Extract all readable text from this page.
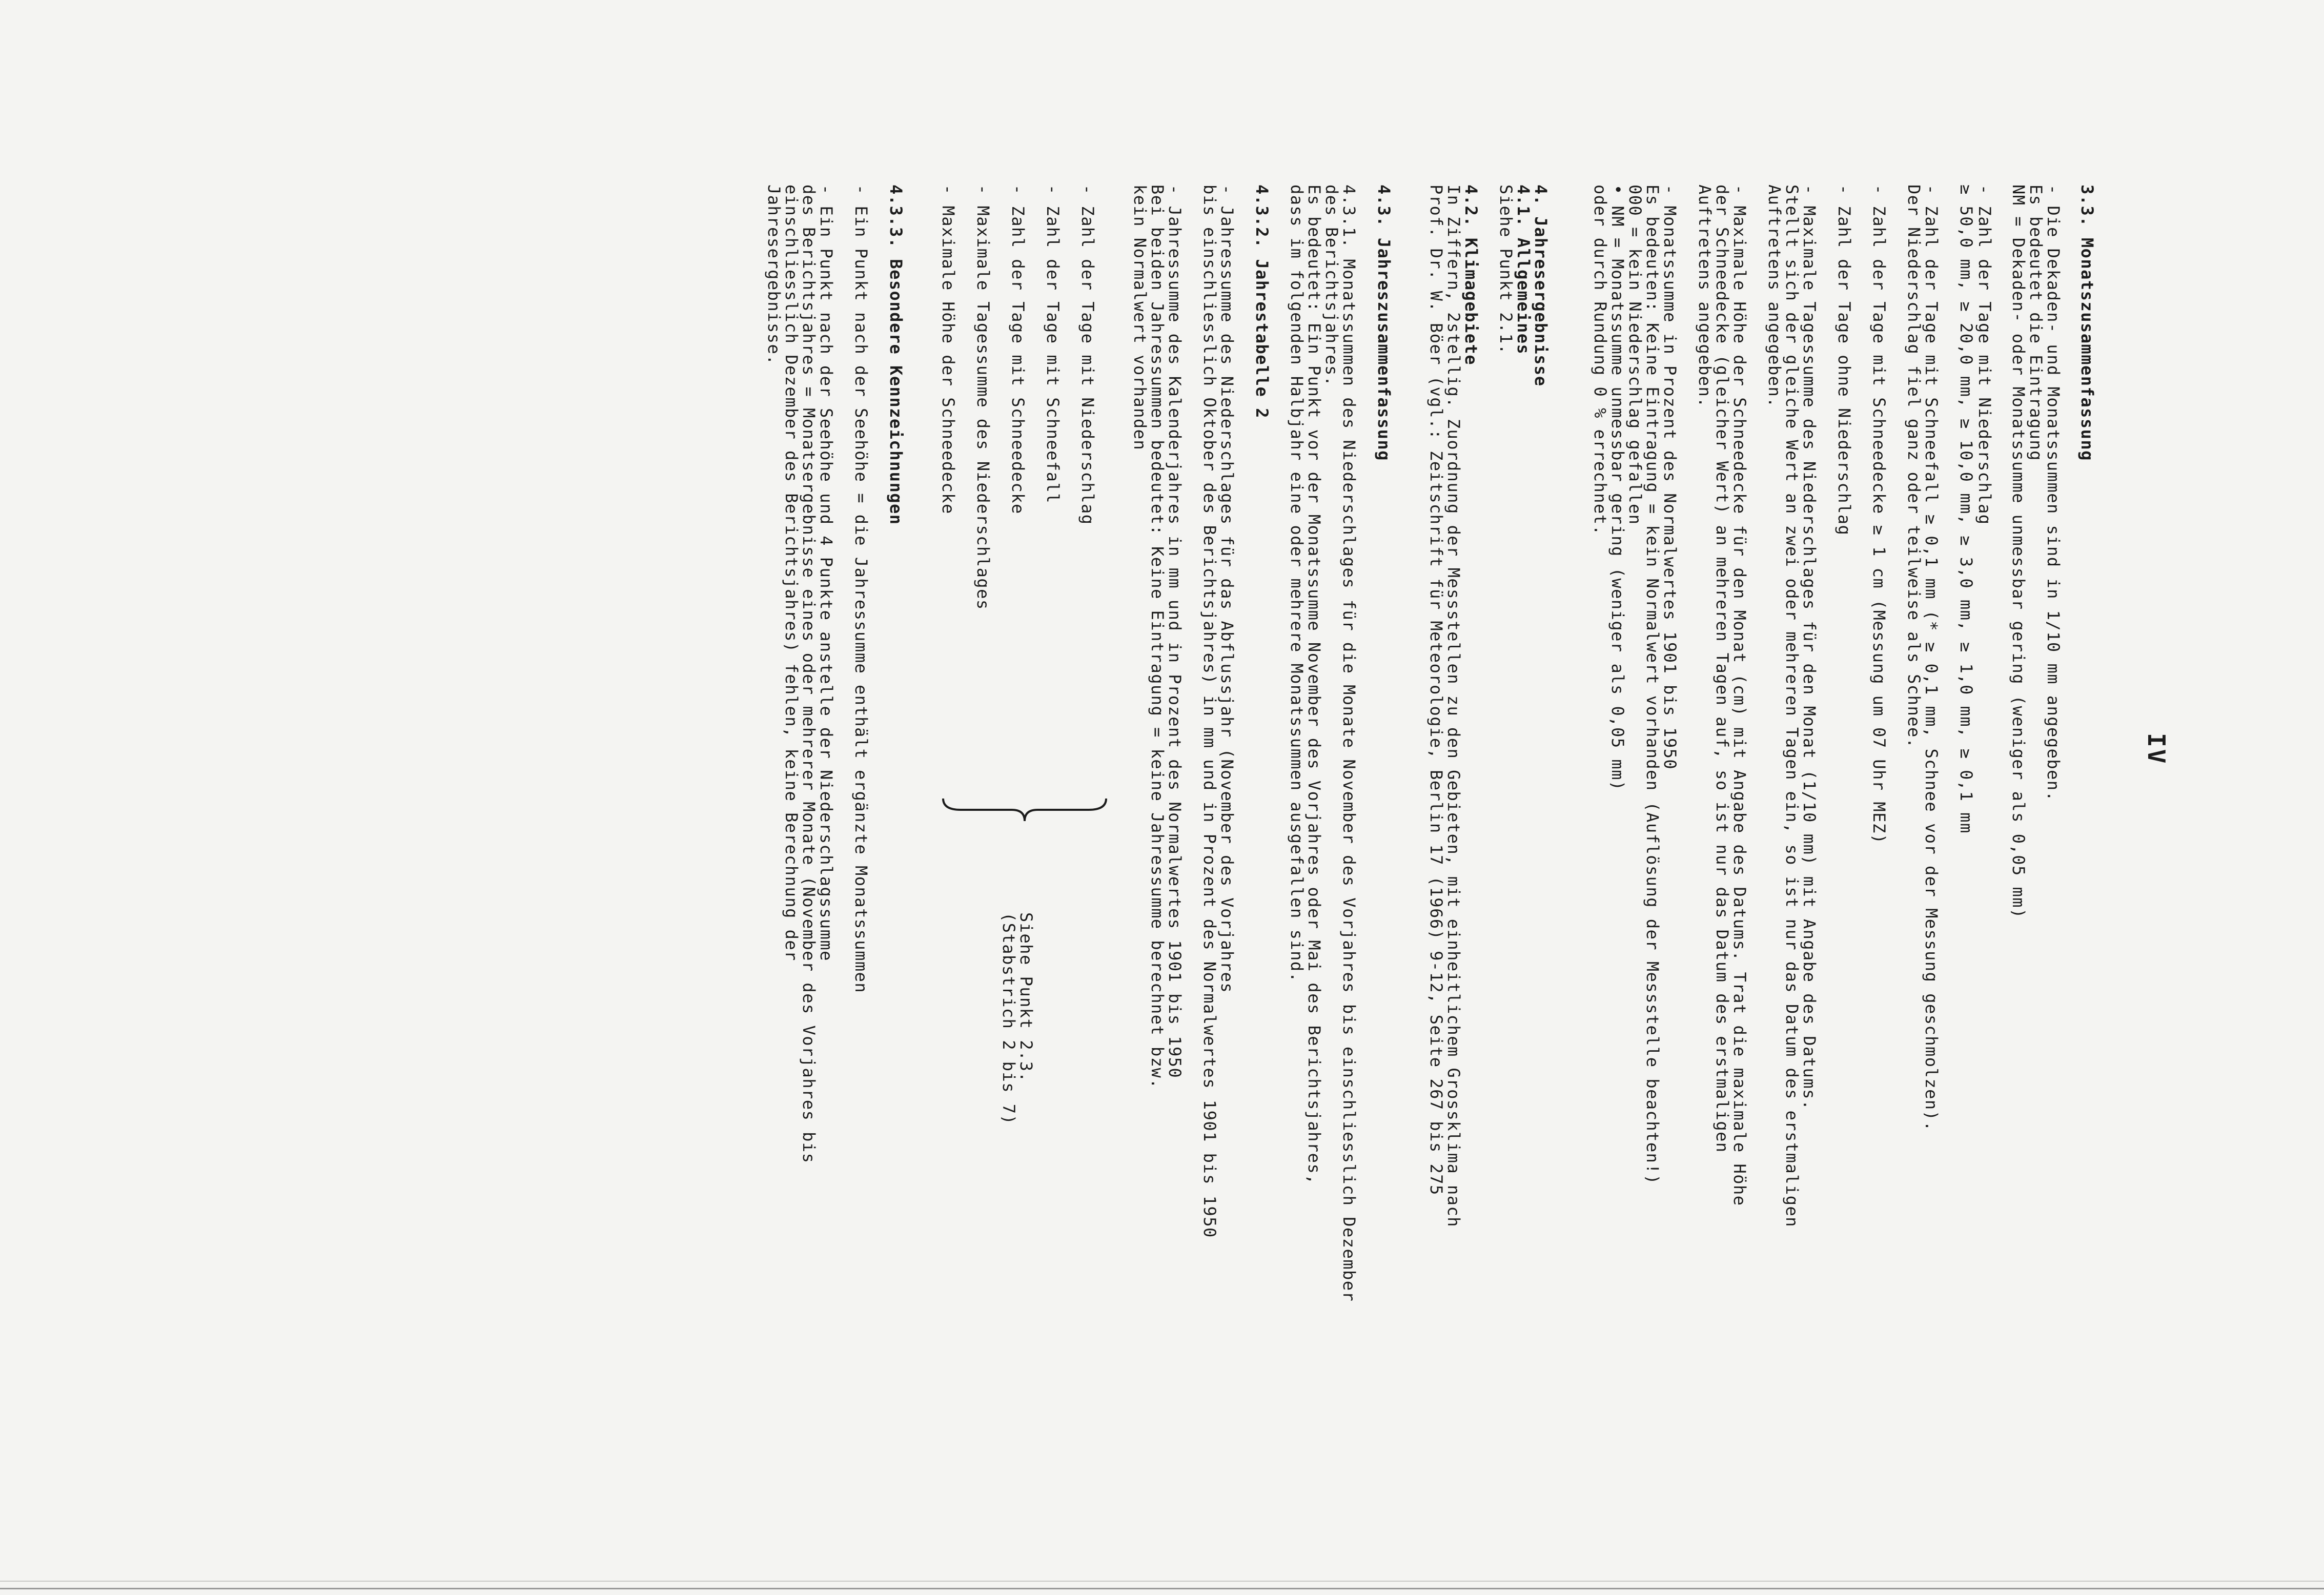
IV
3.3. Monatszusammenfassung
- Die Dekaden- und Monatssummen sind in 1/10 mm angegeben.
Es bedeutet die Eintragung
NM = Dekaden- oder Monatssumme unmessbar gering (weniger als 0,05 mm)
- Zahl der Tage mit Niederschlag
≥ 50,0 mm, ≥ 20,0 mm, ≥ 10,0 mm, ≥ 3,0 mm, ≥ 1,0 mm, ≥ 0,1 mm
- Zahl der Tage mit Schneefall ≥ 0,1 mm (* ≥ 0,1 mm, Schnee vor der Messung geschmolzen).
Der Niederschlag fiel ganz oder teilweise als Schnee.
- Zahl der Tage mit Schneedecke ≥ 1 cm (Messung um 07 Uhr MEZ)
- Zahl der Tage ohne Niederschlag
- Maximale Tagessumme des Niederschlages für den Monat (1/10 mm) mit Angabe des Datums.
Stellt sich der gleiche Wert an zwei oder mehreren Tagen ein, so ist nur das Datum des erstmaligen
Auftretens angegeben.
- Maximale Höhe der Schneedecke für den Monat (cm) mit Angabe des Datums. Trat die maximale Höhe
der Schneedecke (gleicher Wert) an mehreren Tagen auf, so ist nur das Datum des erstmaligen
Auftretens angegeben.
- Monatssumme in Prozent des Normalwertes 1901 bis 1950
Es bedeuten: Keine Eintragung = kein Normalwert vorhanden (Auflösung der Messstelle beachten!)
000 = kein Niederschlag gefallen
• NM = Monatssumme unmessbar gering (weniger als 0,05 mm)
oder durch Rundung 0 % errechnet.
4. Jahresergebnisse
4.1. Allgemeines
Siehe Punkt 2.1.
4.2. Klimagebiete
In Ziffern, 2stellig. Zuordnung der Messstellen zu den Gebieten, mit einheitlichem Grossklima nach
Prof. Dr. W. Böer (vgl.: Zeitschrift für Meteorologie, Berlin 17 (1966) 9-12, Seite 267 bis 275
4.3. Jahreszusammenfassung
4.3.1. Monatssummen des Niederschlages für die Monate November des Vorjahres bis einschliesslich Dezember
des Berichtsjahres.
Es bedeutet: Ein Punkt vor der Monatssumme November des Vorjahres oder Mai des Berichtsjahres,
dass im folgenden Halbjahr eine oder mehrere Monatssummen ausgefallen sind.
4.3.2. Jahrestabelle 2
- Jahressumme des Niederschlages für das Abflussjahr (November des Vorjahres
bis einschliesslich Oktober des Berichtsjahres) in mm und in Prozent des Normalwertes 1901 bis 1950
- Jahressumme des Kalenderjahres in mm und in Prozent des Normalwertes 1901 bis 1950
Bei beiden Jahressummen bedeutet: Keine Eintragung = keine Jahressumme berechnet bzw.
kein Normalwert vorhanden
- Zahl der Tage mit Niederschlag
- Zahl der Tage mit Schneefall
- Zahl der Tage mit Schneedecke
- Maximale Tagessumme des Niederschlages
- Maximale Höhe der Schneedecke
Siehe Punkt 2.3.
(Stabstrich 2 bis 7)
4.3.3. Besondere Kennzeichnungen
- Ein Punkt nach der Seehöhe = die Jahressumme enthält ergänzte Monatssummen
- Ein Punkt nach der Seehöhe und 4 Punkte anstelle der Niederschlagssumme
des Berichtsjahres = Monatsergebnisse eines oder mehrerer Monate (November des Vorjahres bis
einschliesslich Dezember des Berichtsjahres) fehlen, keine Berechnung der
Jahresergebnisse.
